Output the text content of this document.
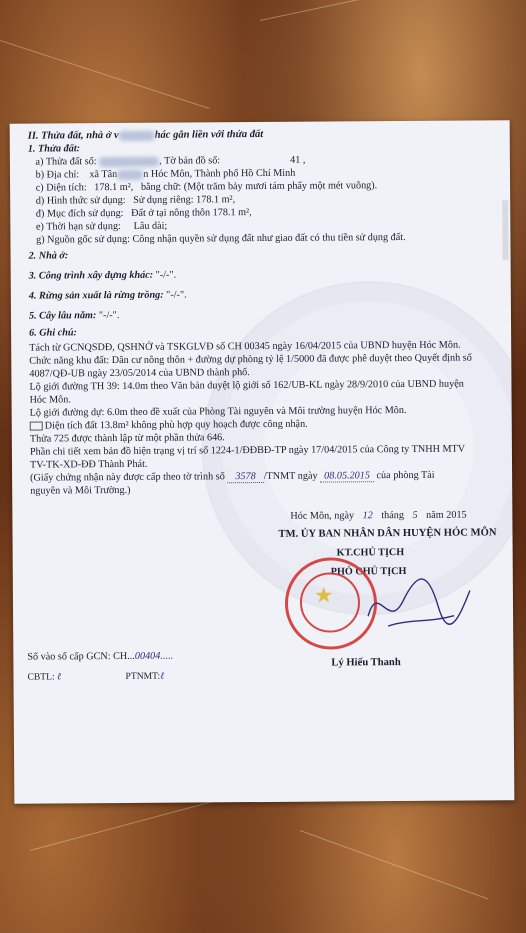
II. Thửa đất, nhà ở v	hác gắn liền với thửa đất
1. Thửa đất:
a) Thửa đất số:	, Tờ bản đồ số:	41 ,
b) Địa chỉ: xã Tân	n Hóc Môn, Thành phố Hồ Chí Minh
c) Diện tích: 178.1 m², bằng chữ: (Một trăm bảy mươi tám phẩy một mét vuông).
d) Hình thức sử dụng: Sử dụng riêng: 178.1 m²,
đ) Mục đích sử dụng: Đất ở tại nông thôn 178.1 m²,
e) Thời hạn sử dụng: Lâu dài;
g) Nguồn gốc sử dụng: Công nhận quyền sử dụng đất như giao đất có thu tiền sử dụng đất.
2. Nhà ở:
3. Công trình xây dựng khác: "-/-".
4. Rừng sản xuất là rừng trồng: "-/-".
5. Cây lâu năm: "-/-".
6. Ghi chú:
Tách từ GCNQSDĐ, QSHNỞ và TSKGLVĐ số CH 00345 ngày 16/04/2015 của UBND huyện Hóc Môn.
Chức năng khu đất: Dân cư nông thôn + đường dự phòng tỷ lệ 1/5000 đã được phê duyệt theo Quyết định số
4087/QĐ-UB ngày 23/05/2014 của UBND thành phố.
Lộ giới đường TH 39: 14.0m theo Văn bản duyệt lộ giới số 162/UB-KL ngày 28/9/2010 của UBND huyện
Hóc Môn.
Lộ giới đường dự: 6.0m theo đề xuất của Phòng Tài nguyên và Môi trường huyện Hóc Môn.
Diện tích đất 13.8m² không phù hợp quy hoạch được công nhận.
Thửa 725 được thành lập từ một phần thửa 646.
Phần chi tiết xem bản đồ hiện trạng vị trí số 1224-1/ĐĐBĐ-TP ngày 17/04/2015 của Công ty TNHH MTV
TV-TK-XD-ĐĐ Thành Phát.
(Giấy chứng nhận này được cấp theo tờ trình số 3578 /TNMT ngày 08.05.2015 của phòng Tài
nguyên và Môi Trường.)
Hóc Môn, ngày 12 tháng 5 năm 2015
TM. ỦY BAN NHÂN DÂN HUYỆN HÓC MÔN
KT.CHỦ TỊCH
PHÓ CHỦ TỊCH
★
Lý Hiếu Thanh
Số vào số cấp GCN: CH...00404.....
CBTL: ℓ	PTNMT:ℓ
